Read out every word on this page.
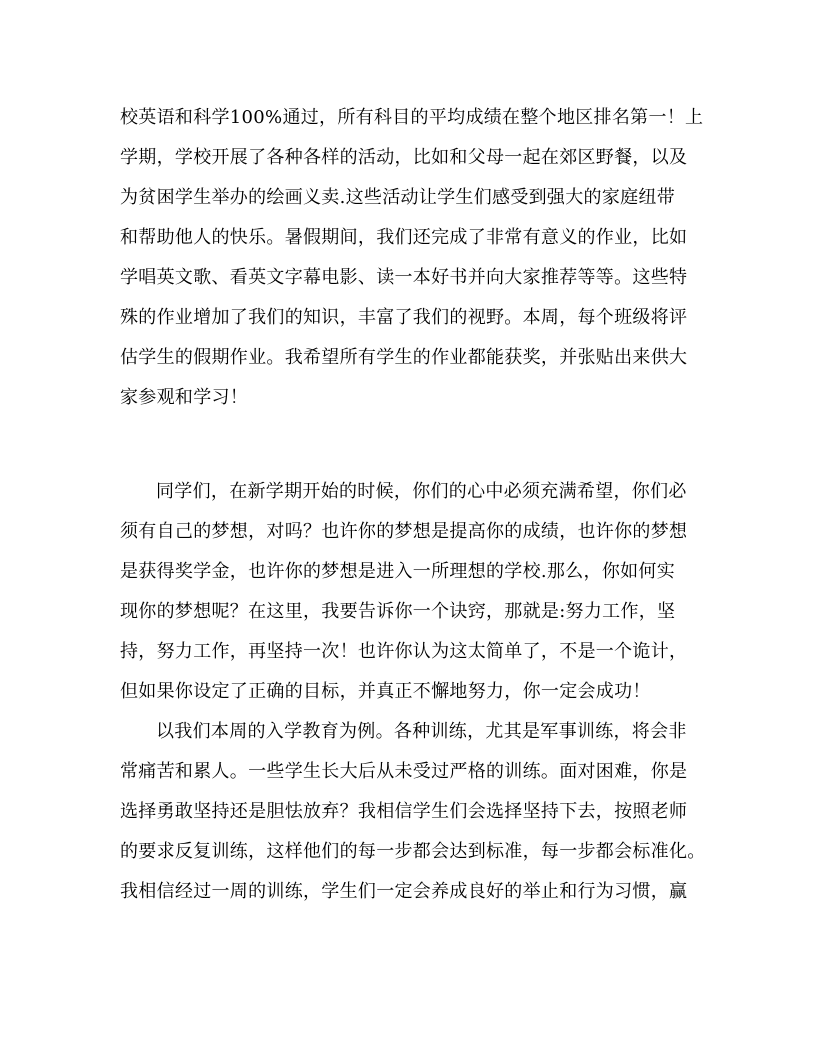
校英语和科学100%通过，所有科目的平均成绩在整个地区排名第一！上
学期，学校开展了各种各样的活动，比如和父母一起在郊区野餐，以及
为贫困学生举办的绘画义卖.这些活动让学生们感受到强大的家庭纽带
和帮助他人的快乐。暑假期间，我们还完成了非常有意义的作业，比如
学唱英文歌、看英文字幕电影、读一本好书并向大家推荐等等。这些特
殊的作业增加了我们的知识，丰富了我们的视野。本周，每个班级将评
估学生的假期作业。我希望所有学生的作业都能获奖，并张贴出来供大
家参观和学习！
同学们，在新学期开始的时候，你们的心中必须充满希望，你们必
须有自己的梦想，对吗？也许你的梦想是提高你的成绩，也许你的梦想
是获得奖学金，也许你的梦想是进入一所理想的学校.那么，你如何实
现你的梦想呢？在这里，我要告诉你一个诀窍，那就是:努力工作，坚
持，努力工作，再坚持一次！也许你认为这太简单了，不是一个诡计，
但如果你设定了正确的目标，并真正不懈地努力，你一定会成功！
以我们本周的入学教育为例。各种训练，尤其是军事训练，将会非
常痛苦和累人。一些学生长大后从未受过严格的训练。面对困难，你是
选择勇敢坚持还是胆怯放弃？我相信学生们会选择坚持下去，按照老师
的要求反复训练，这样他们的每一步都会达到标准，每一步都会标准化。
我相信经过一周的训练，学生们一定会养成良好的举止和行为习惯，赢
